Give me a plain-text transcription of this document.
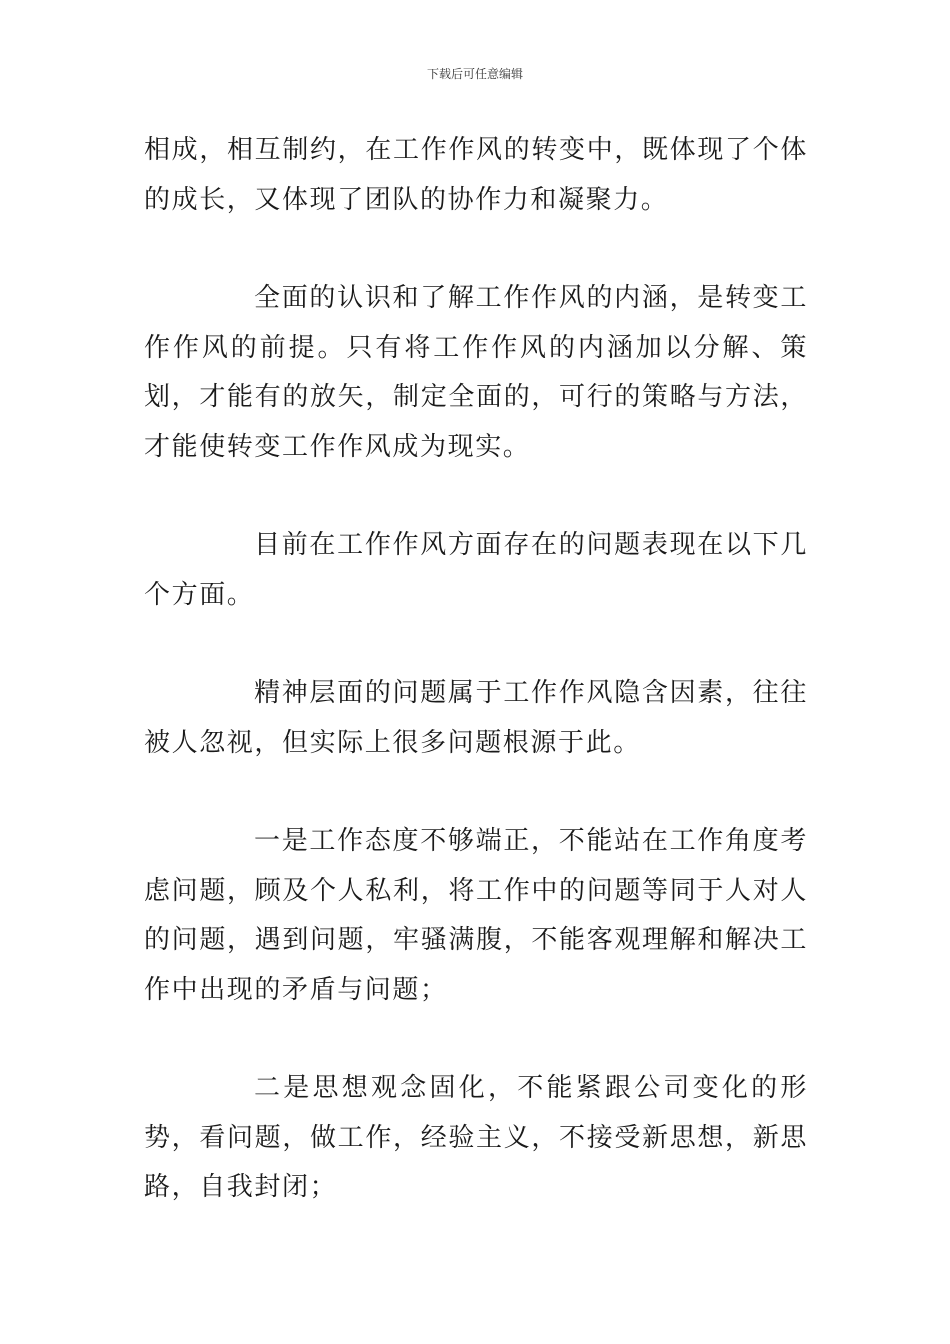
下载后可任意编辑

相成，相互制约，在工作作风的转变中，既体现了个体的成长，又体现了团队的协作力和凝聚力。

全面的认识和了解工作作风的内涵，是转变工作作风的前提。只有将工作作风的内涵加以分解、策划，才能有的放矢，制定全面的，可行的策略与方法，才能使转变工作作风成为现实。

目前在工作作风方面存在的问题表现在以下几个方面。

精神层面的问题属于工作作风隐含因素，往往被人忽视，但实际上很多问题根源于此。

一是工作态度不够端正，不能站在工作角度考虑问题，顾及个人私利，将工作中的问题等同于人对人的问题，遇到问题，牢骚满腹，不能客观理解和解决工作中出现的矛盾与问题；

二是思想观念固化，不能紧跟公司变化的形势，看问题，做工作，经验主义，不接受新思想，新思路，自我封闭；
